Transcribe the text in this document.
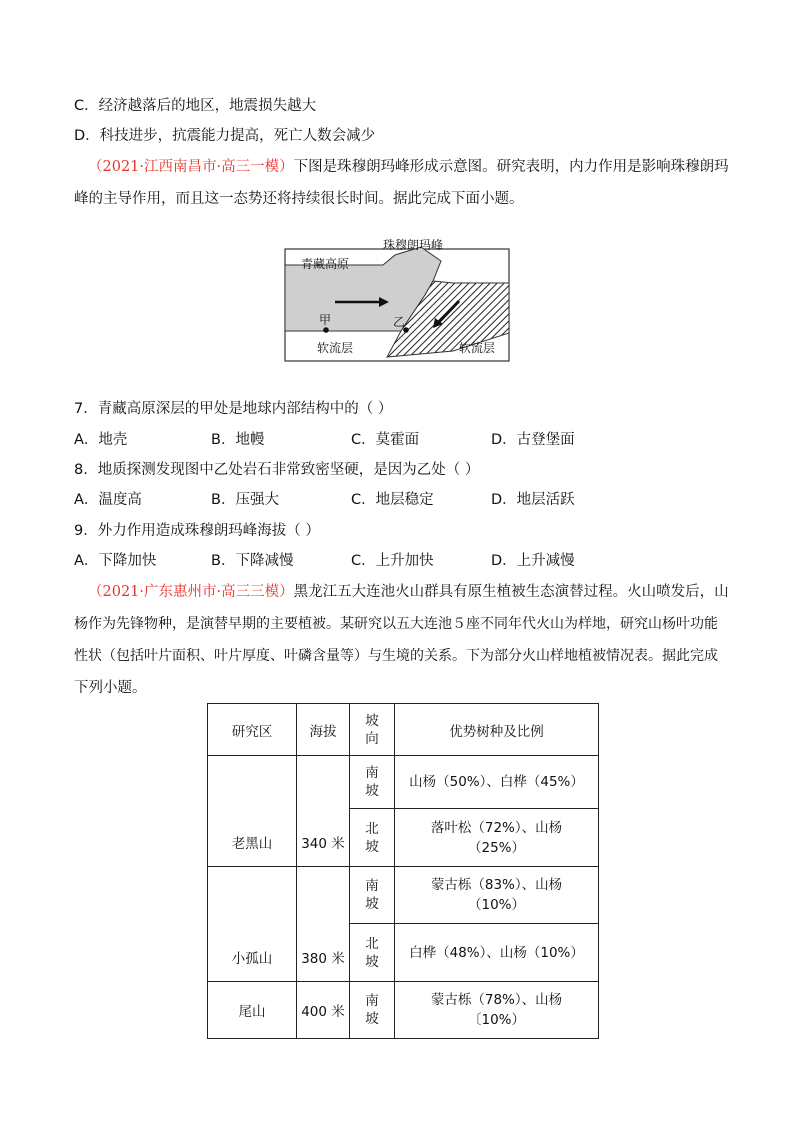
C．经济越落后的地区，地震损失越大
D．科技进步，抗震能力提高，死亡人数会减少
（2021·江西南昌市·高三一模）下图是珠穆朗玛峰形成示意图。研究表明，内力作用是影响珠穆朗玛
峰的主导作用，而且这一态势还将持续很长时间。据此完成下面小题。
珠穆朗玛峰
青藏高原
甲	乙
软流层	软流层
7．青藏高原深层的甲处是地球内部结构中的（ ）
A．地壳	B．地幔	C．莫霍面	D．古登堡面
8．地质探测发现图中乙处岩石非常致密坚硬，是因为乙处（ ）
A．温度高	B．压强大	C．地层稳定	D．地层活跃
9．外力作用造成珠穆朗玛峰海拔（ ）
A．下降加快	B．下降减慢	C．上升加快	D．上升减慢
（2021·广东惠州市·高三三模）黑龙江五大连池火山群具有原生植被生态演替过程。火山喷发后，山
杨作为先锋物种，是演替早期的主要植被。某研究以五大连池５座不同年代火山为样地，研究山杨叶功能
性状（包括叶片面积、叶片厚度、叶磷含量等）与生境的关系。下为部分火山样地植被情况表。据此完成
下列小题。
研究区	海拔	坡向	优势树种及比例
老黑山	340 米	南坡	山杨（50%）、白桦（45%）
		北坡	落叶松（72%）、山杨（25%）
小孤山	380 米	南坡	蒙古栎（83%）、山杨（10%）
		北坡	白桦（48%）、山杨（10%）
尾山	400 米	南坡	蒙古栎（78%）、山杨〔10%）
